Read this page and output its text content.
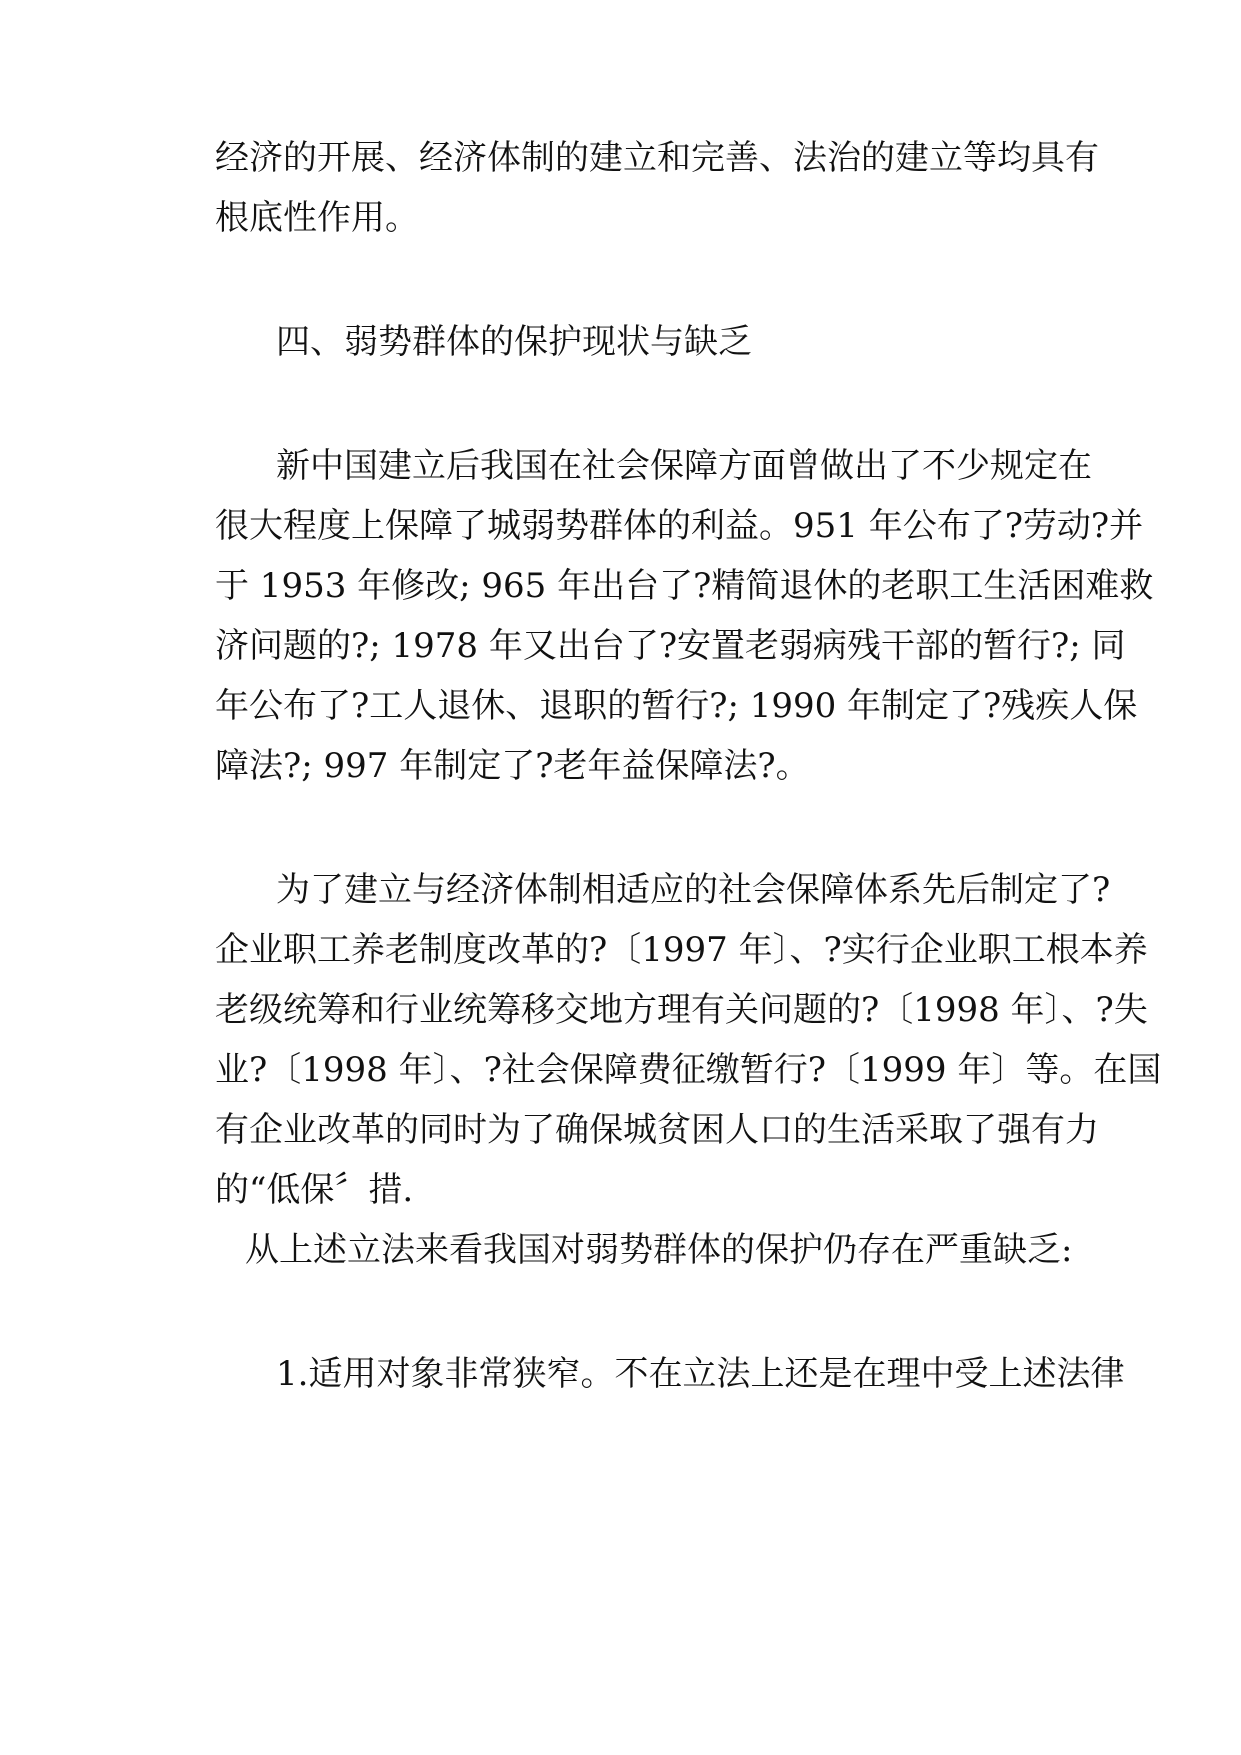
经济的开展、经济体制的建立和完善、法治的建立等均具有

根底性作用。

四、弱势群体的保护现状与缺乏

新中国建立后我国在社会保障方面曾做出了不少规定在

很大程度上保障了城弱势群体的利益。951 年公布了?劳动?并

于 1953 年修改; 965 年出台了?精简退休的老职工生活困难救

济问题的?; 1978 年又出台了?安置老弱病残干部的暂行?; 同

年公布了?工人退休、退职的暂行?; 1990 年制定了?残疾人保

障法?; 997 年制定了?老年益保障法?。

为了建立与经济体制相适应的社会保障体系先后制定了?

企业职工养老制度改革的?〔1997 年〕、?实行企业职工根本养

老级统筹和行业统筹移交地方理有关问题的?〔1998 年〕、?失

业?〔1998 年〕、?社会保障费征缴暂行?〔1999 年〕等。在国

有企业改革的同时为了确保城贫困人口的生活采取了强有力

的“低保〞措.

从上述立法来看我国对弱势群体的保护仍存在严重缺乏:

1.适用对象非常狭窄。不在立法上还是在理中受上述法律
